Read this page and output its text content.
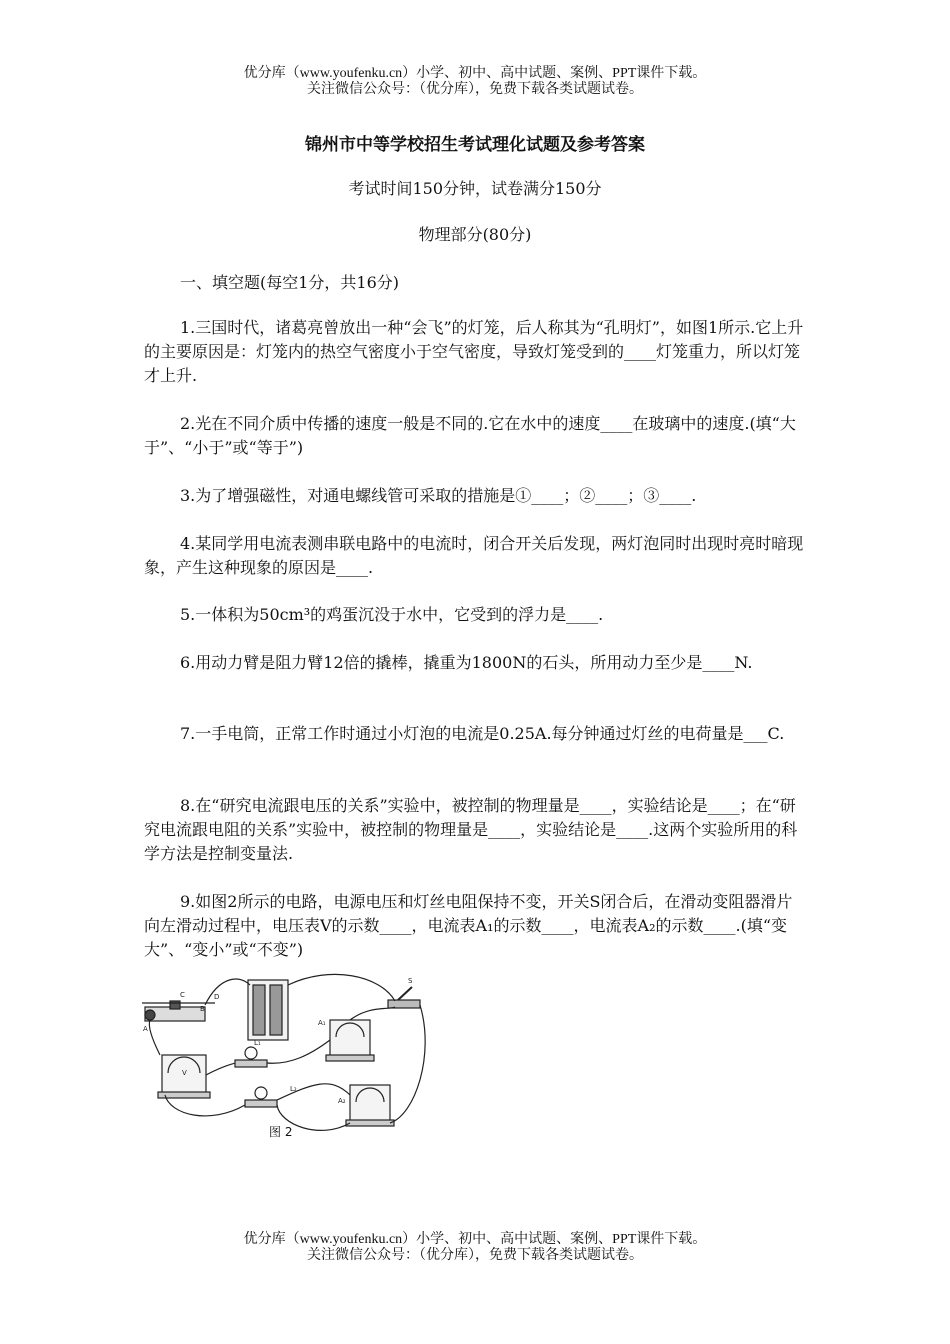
优分库（www.youfenku.cn）小学、初中、高中试题、案例、PPT课件下载。
关注微信公众号：（优分库），免费下载各类试题试卷。
锦州市中等学校招生考试理化试题及参考答案
考试时间150分钟，试卷满分150分
物理部分(80分)
一、填空题(每空1分，共16分)
1.三国时代，诸葛亮曾放出一种“会飞”的灯笼，后人称其为“孔明灯”，如图1所示.它上升的主要原因是：灯笼内的热空气密度小于空气密度，导致灯笼受到的____灯笼重力，所以灯笼才上升.
2.光在不同介质中传播的速度一般是不同的.它在水中的速度____在玻璃中的速度.(填“大于”、“小于”或“等于”)
3.为了增强磁性，对通电螺线管可采取的措施是①____；②____；③____.
4.某同学用电流表测串联电路中的电流时，闭合开关后发现，两灯泡同时出现时亮时暗现象，产生这种现象的原因是____.
5.一体积为50cm³的鸡蛋沉没于水中，它受到的浮力是____.
6.用动力臂是阻力臂12倍的撬棒，撬重为1800N的石头，所用动力至少是____N.
7.一手电筒，正常工作时通过小灯泡的电流是0.25A.每分钟通过灯丝的电荷量是___C.
8.在“研究电流跟电压的关系”实验中，被控制的物理量是____，实验结论是____；在“研究电流跟电阻的关系”实验中，被控制的物理量是____，实验结论是____.这两个实验所用的科学方法是控制变量法.
9.如图2所示的电路，电源电压和灯丝电阻保持不变，开关S闭合后，在滑动变阻器滑片向左滑动过程中，电压表V的示数____，电流表A₁的示数____，电流表A₂的示数____.(填“变大”、“变小”或“不变”)
S
A₁
A₂
L₁
L₂
A
D
C
B
V
图 2
优分库（www.youfenku.cn）小学、初中、高中试题、案例、PPT课件下载。
关注微信公众号：（优分库），免费下载各类试题试卷。
